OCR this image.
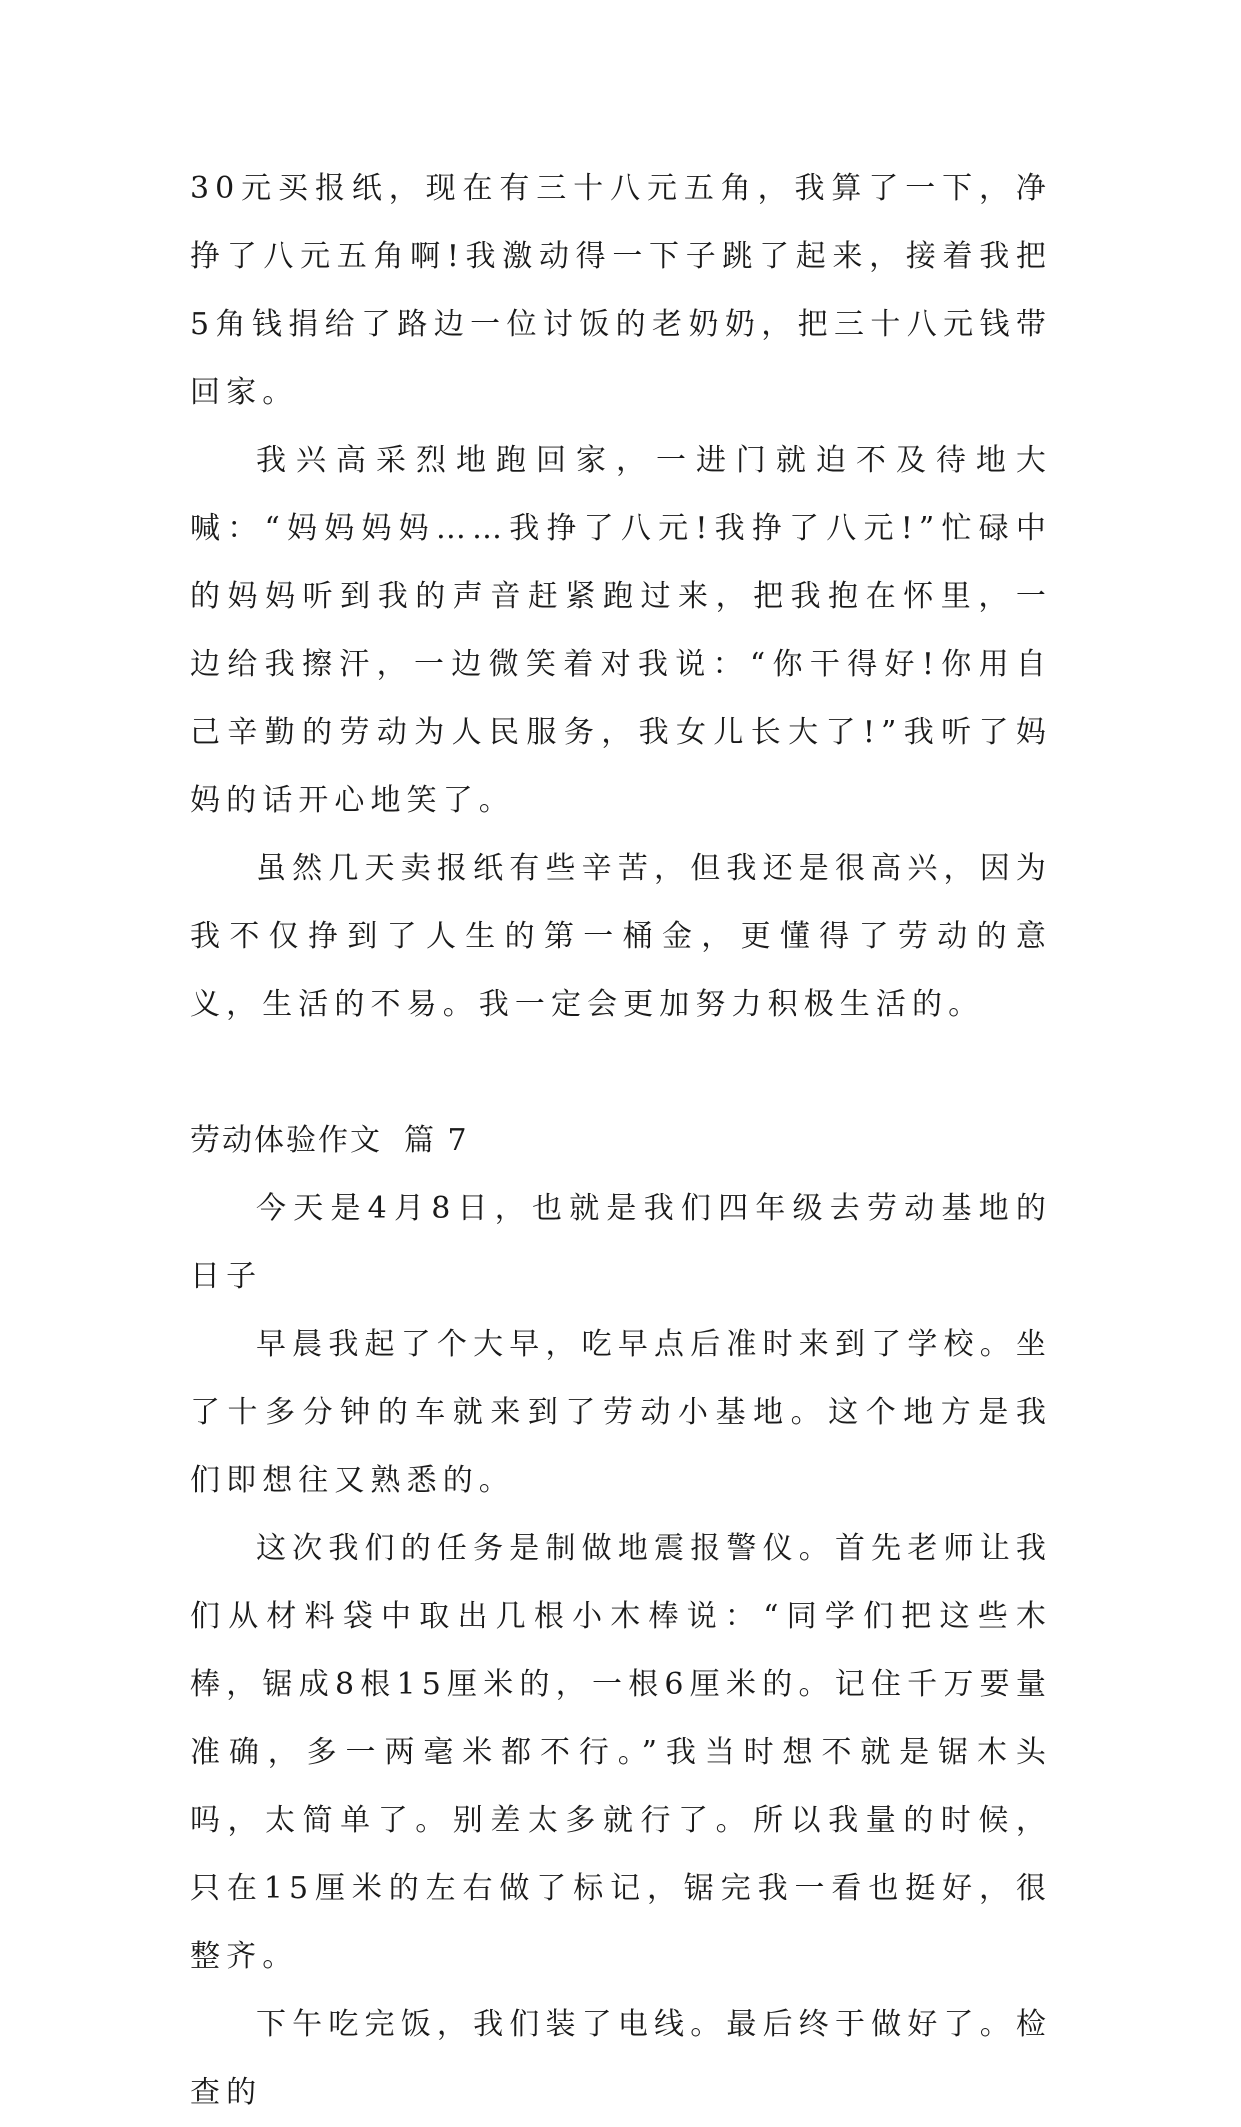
30元买报纸，现在有三十八元五角，我算了一下，净挣了八元五角啊!我激动得一下子跳了起来，接着我把5角钱捐给了路边一位讨饭的老奶奶，把三十八元钱带回家。

我兴高采烈地跑回家，一进门就迫不及待地大喊：“妈妈妈妈……我挣了八元!我挣了八元!”忙碌中的妈妈听到我的声音赶紧跑过来，把我抱在怀里，一边给我擦汗，一边微笑着对我说：“你干得好!你用自己辛勤的劳动为人民服务，我女儿长大了!”我听了妈妈的话开心地笑了。

虽然几天卖报纸有些辛苦，但我还是很高兴，因为我不仅挣到了人生的第一桶金，更懂得了劳动的意义，生活的不易。我一定会更加努力积极生活的。

劳动体验作文 篇 7

今天是4月8日，也就是我们四年级去劳动基地的日子

早晨我起了个大早，吃早点后准时来到了学校。坐了十多分钟的车就来到了劳动小基地。这个地方是我们即想往又熟悉的。

这次我们的任务是制做地震报警仪。首先老师让我们从材料袋中取出几根小木棒说：“同学们把这些木棒，锯成8根15厘米的，一根6厘米的。记住千万要量准确，多一两毫米都不行。”我当时想不就是锯木头吗，太简单了。别差太多就行了。所以我量的时候，只在15厘米的左右做了标记，锯完我一看也挺好，很整齐。

下午吃完饭，我们装了电线。最后终于做好了。检查的
